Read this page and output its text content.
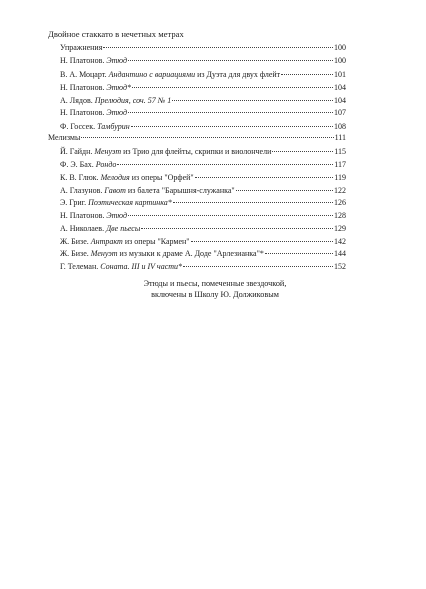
Двойное стаккато в нечетных метрах
Упражнения	100
Н. Платонов. Этюд	100
В. А. Моцарт. Андантино с вариациями из Дуэта для двух флейт	101
Н. Платонов. Этюд*	104
А. Лядов. Прелюдия, соч. 57 № 1	104
Н. Платонов. Этюд	107
Ф. Госсек. Тамбурин	108
Мелизмы	111
Й. Гайдн. Менуэт из Трио для флейты, скрипки и виолончели	115
Ф. Э. Бах. Рондо	117
К. В. Глюк. Мелодия из оперы "Орфей"	119
А. Глазунов. Гавот из балета "Барышня-служанка"	122
Э. Григ. Поэтическая картинка*	126
Н. Платонов. Этюд	128
А. Николаев. Две пьесы	129
Ж. Бизе. Антракт из оперы "Кармен"	142
Ж. Бизе. Менуэт из музыки к драме А. Доде "Арлезианка"*	144
Г. Телеман. Соната. III и IV части*	152
Этюды и пьесы, помеченные звездочкой,
включены в Школу Ю. Должиковым
